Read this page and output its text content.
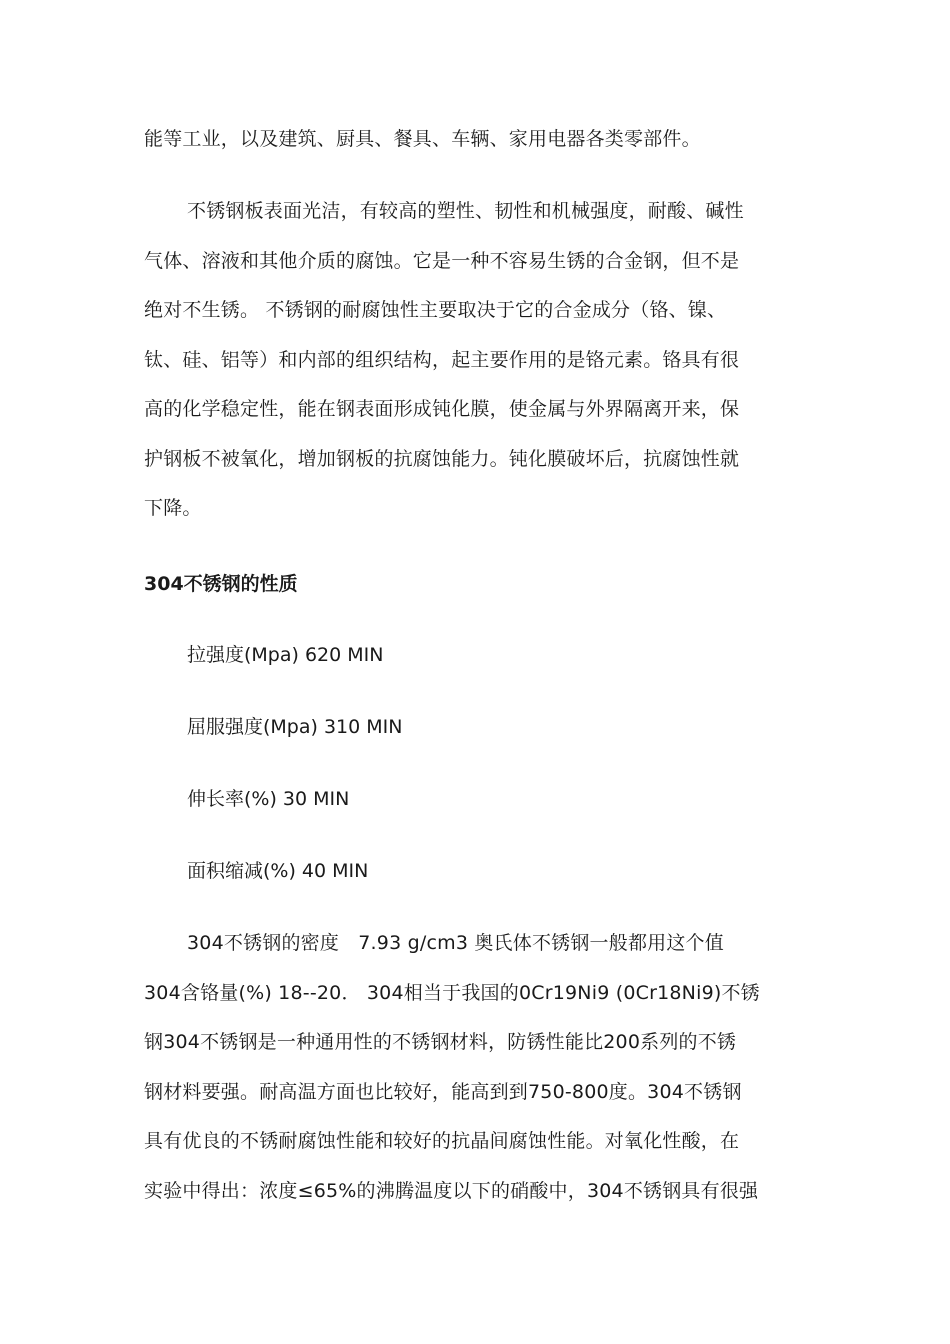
能等工业，以及建筑、厨具、餐具、车辆、家用电器各类零部件。
不锈钢板表面光洁，有较高的塑性、韧性和机械强度，耐酸、碱性
气体、溶液和其他介质的腐蚀。它是一种不容易生锈的合金钢，但不是
绝对不生锈。 不锈钢的耐腐蚀性主要取决于它的合金成分（铬、镍、
钛、硅、铝等）和内部的组织结构，起主要作用的是铬元素。铬具有很
高的化学稳定性，能在钢表面形成钝化膜，使金属与外界隔离开来，保
护钢板不被氧化，增加钢板的抗腐蚀能力。钝化膜破坏后，抗腐蚀性就
下降。
304不锈钢的性质
拉强度(Mpa) 620 MIN
屈服强度(Mpa) 310 MIN
伸长率(%) 30 MIN
面积缩减(%) 40 MIN
304不锈钢的密度　7.93 g/cm3 奥氏体不锈钢一般都用这个值
304含铬量(%) 18--20． 304相当于我国的0Cr19Ni9 (0Cr18Ni9)不锈
钢304不锈钢是一种通用性的不锈钢材料，防锈性能比200系列的不锈
钢材料要强。耐高温方面也比较好，能高到到750-800度。304不锈钢
具有优良的不锈耐腐蚀性能和较好的抗晶间腐蚀性能。对氧化性酸，在
实验中得出：浓度≤65%的沸腾温度以下的硝酸中，304不锈钢具有很强
